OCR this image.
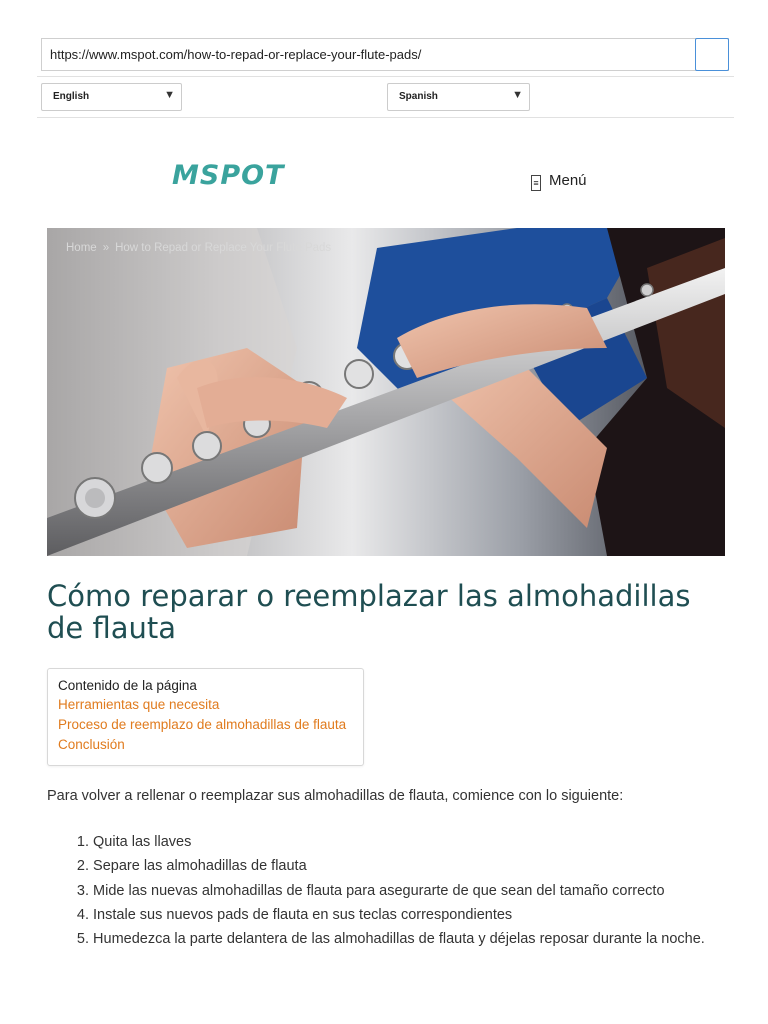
https://www.mspot.com/how-to-repad-or-replace-your-flute-pads/
English	▼	Spanish	▼
MSPOT	≡ Menú
Home » How to Repad or Replace Your Flute Pads
Cómo reparar o reemplazar las almohadillas de flauta
Contenido de la página
Herramientas que necesita
Proceso de reemplazo de almohadillas de flauta
Conclusión

Para volver a rellenar o reemplazar sus almohadillas de flauta, comience con lo siguiente:

1. Quita las llaves
2. Separe las almohadillas de flauta
3. Mide las nuevas almohadillas de flauta para asegurarte de que sean del tamaño correcto
4. Instale sus nuevos pads de flauta en sus teclas correspondientes
5. Humedezca la parte delantera de las almohadillas de flauta y déjelas reposar durante la noche.
